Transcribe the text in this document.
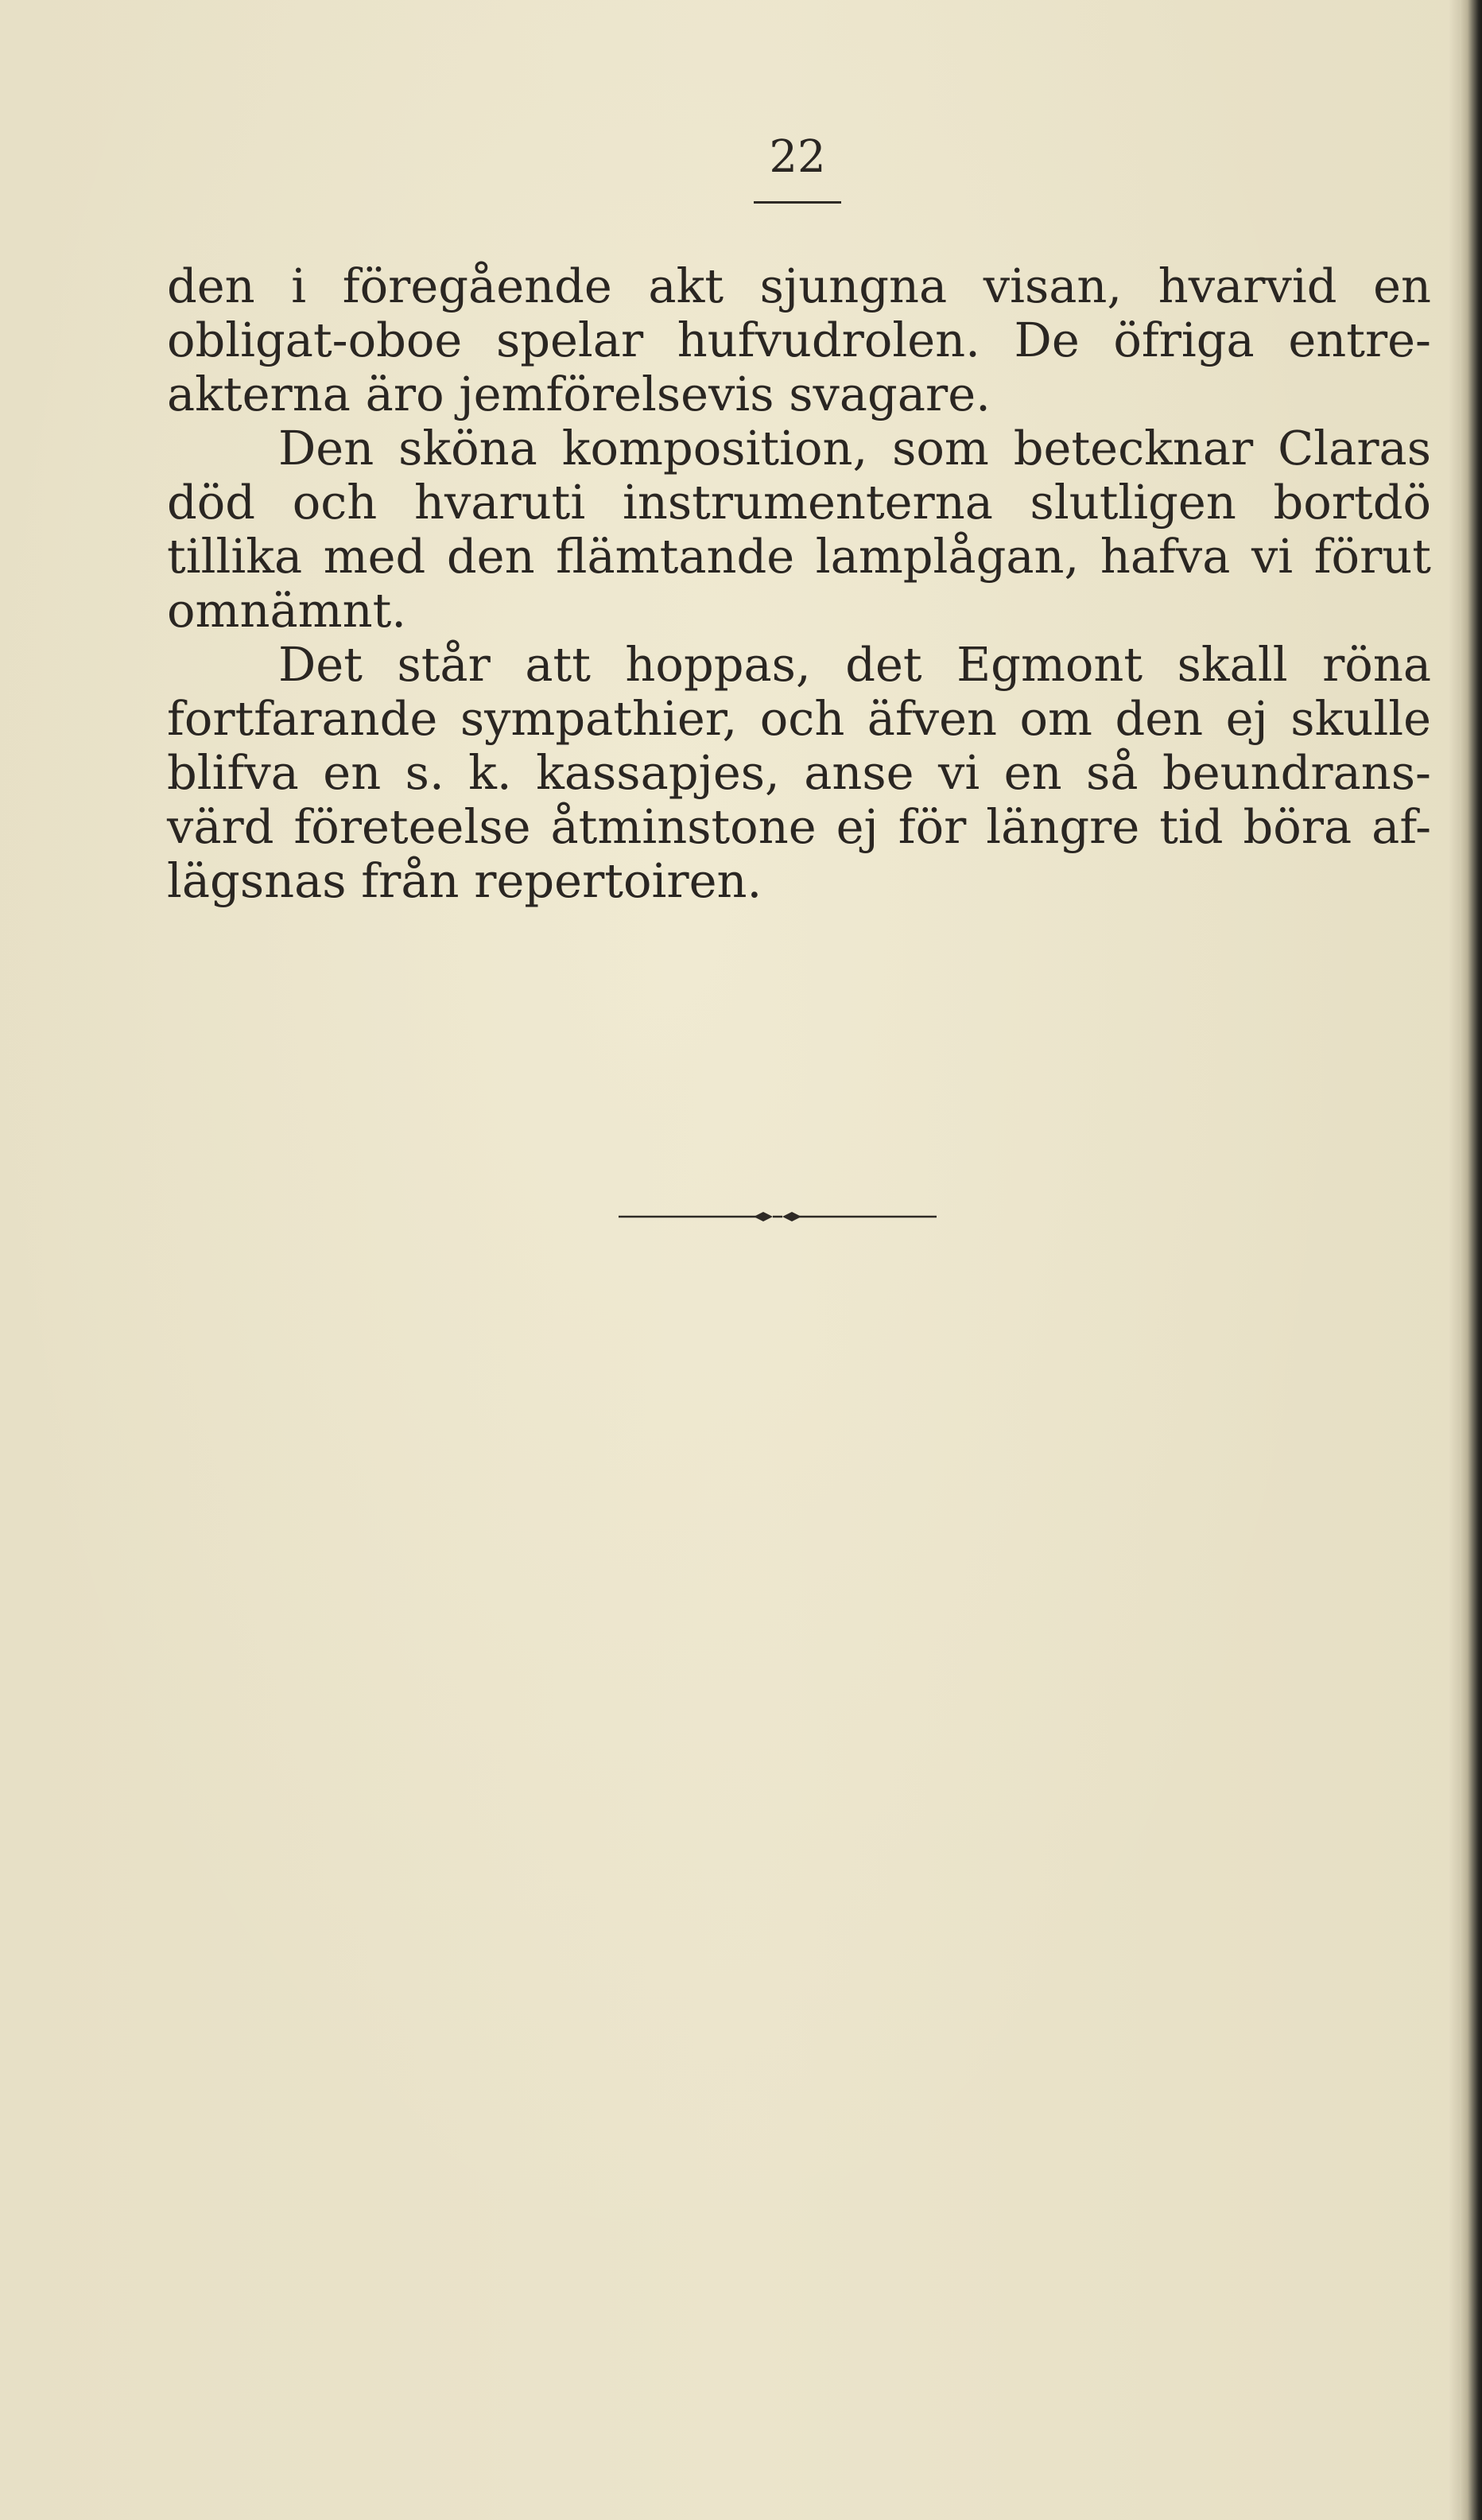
22
den i föregående akt sjungna visan, hvarvid en
obligat-oboe spelar hufvudrolen. De öfriga entre-
akterna äro jemförelsevis svagare.
Den sköna komposition, som betecknar Claras
död och hvaruti instrumenterna slutligen bortdö
tillika med den flämtande lamplågan, hafva vi förut
omnämnt.
Det står att hoppas, det Egmont skall röna
fortfarande sympathier, och äfven om den ej skulle
blifva en s. k. kassapjes, anse vi en så beundrans-
värd företeelse åtminstone ej för längre tid böra af-
lägsnas från repertoiren.
